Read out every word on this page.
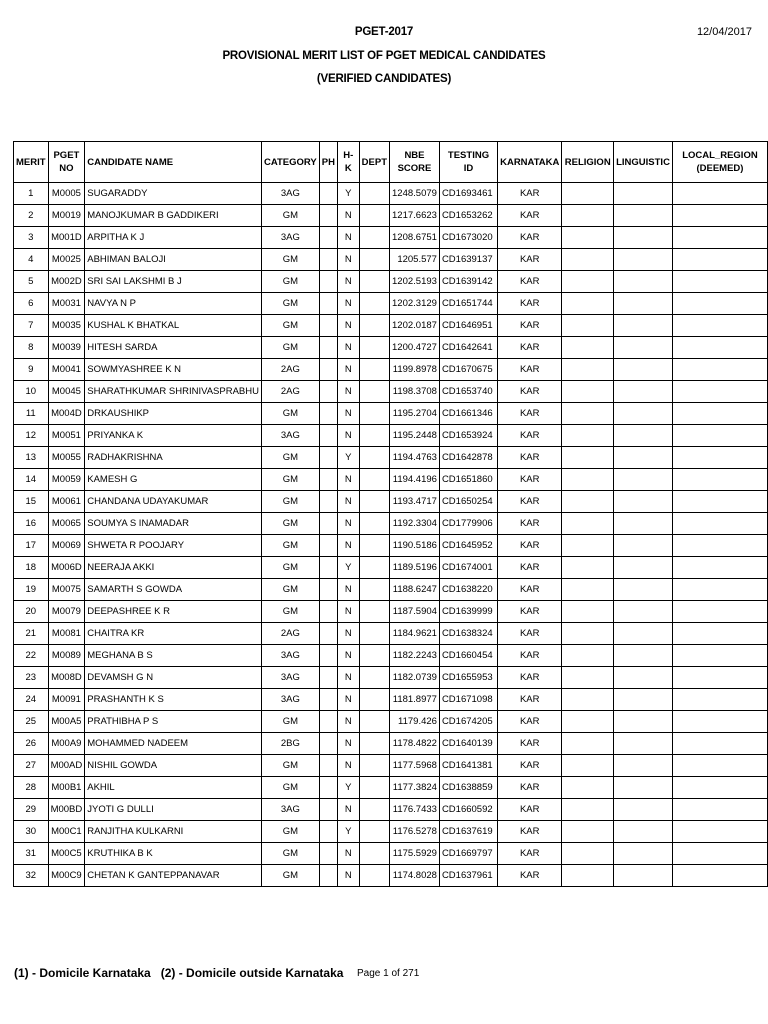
PGET-2017
PROVISIONAL MERIT LIST OF PGET MEDICAL CANDIDATES
(VERIFIED CANDIDATES)
12/04/2017
MERIT	PGET NO	CANDIDATE NAME	CATEGORY	PH	H-K	DEPT	NBE SCORE	TESTING ID	KARNATAKA	RELIGION	LINGUISTIC	LOCAL_REGION (DEEMED)
1	M0005	SUGARADDY	3AG		Y		1248.5079	CD1693461	KAR			
2	M0019	MANOJKUMAR B GADDIKERI	GM		N		1217.6623	CD1653262	KAR			
3	M001D	ARPITHA K J	3AG		N		1208.6751	CD1673020	KAR			
4	M0025	ABHIMAN BALOJI	GM		N		1205.577	CD1639137	KAR			
5	M002D	SRI SAI LAKSHMI B J	GM		N		1202.5193	CD1639142	KAR			
6	M0031	NAVYA N P	GM		N		1202.3129	CD1651744	KAR			
7	M0035	KUSHAL K BHATKAL	GM		N		1202.0187	CD1646951	KAR			
8	M0039	HITESH SARDA	GM		N		1200.4727	CD1642641	KAR			
9	M0041	SOWMYASHREE K N	2AG		N		1199.8978	CD1670675	KAR			
10	M0045	SHARATHKUMAR SHRINIVASPRABHU	2AG		N		1198.3708	CD1653740	KAR			
11	M004D	DRKAUSHIKP	GM		N		1195.2704	CD1661346	KAR			
12	M0051	PRIYANKA K	3AG		N		1195.2448	CD1653924	KAR			
13	M0055	RADHAKRISHNA	GM		Y		1194.4763	CD1642878	KAR			
14	M0059	KAMESH G	GM		N		1194.4196	CD1651860	KAR			
15	M0061	CHANDANA UDAYAKUMAR	GM		N		1193.4717	CD1650254	KAR			
16	M0065	SOUMYA S INAMADAR	GM		N		1192.3304	CD1779906	KAR			
17	M0069	SHWETA R POOJARY	GM		N		1190.5186	CD1645952	KAR			
18	M006D	NEERAJA AKKI	GM		Y		1189.5196	CD1674001	KAR			
19	M0075	SAMARTH S GOWDA	GM		N		1188.6247	CD1638220	KAR			
20	M0079	DEEPASHREE K R	GM		N		1187.5904	CD1639999	KAR			
21	M0081	CHAITRA KR	2AG		N		1184.9621	CD1638324	KAR			
22	M0089	MEGHANA B S	3AG		N		1182.2243	CD1660454	KAR			
23	M008D	DEVAMSH G N	3AG		N		1182.0739	CD1655953	KAR			
24	M0091	PRASHANTH K S	3AG		N		1181.8977	CD1671098	KAR			
25	M00A5	PRATHIBHA P S	GM		N		1179.426	CD1674205	KAR			
26	M00A9	MOHAMMED NADEEM	2BG		N		1178.4822	CD1640139	KAR			
27	M00AD	NISHIL GOWDA	GM		N		1177.5968	CD1641381	KAR			
28	M00B1	AKHIL	GM		Y		1177.3824	CD1638859	KAR			
29	M00BD	JYOTI G DULLI	3AG		N		1176.7433	CD1660592	KAR			
30	M00C1	RANJITHA KULKARNI	GM		Y		1176.5278	CD1637619	KAR			
31	M00C5	KRUTHIKA B K	GM		N		1175.5929	CD1669797	KAR			
32	M00C9	CHETAN K GANTEPPANAVAR	GM		N		1174.8028	CD1637961	KAR			
(1) - Domicile Karnataka   (2) - Domicile outside Karnataka Page 1 of 271
